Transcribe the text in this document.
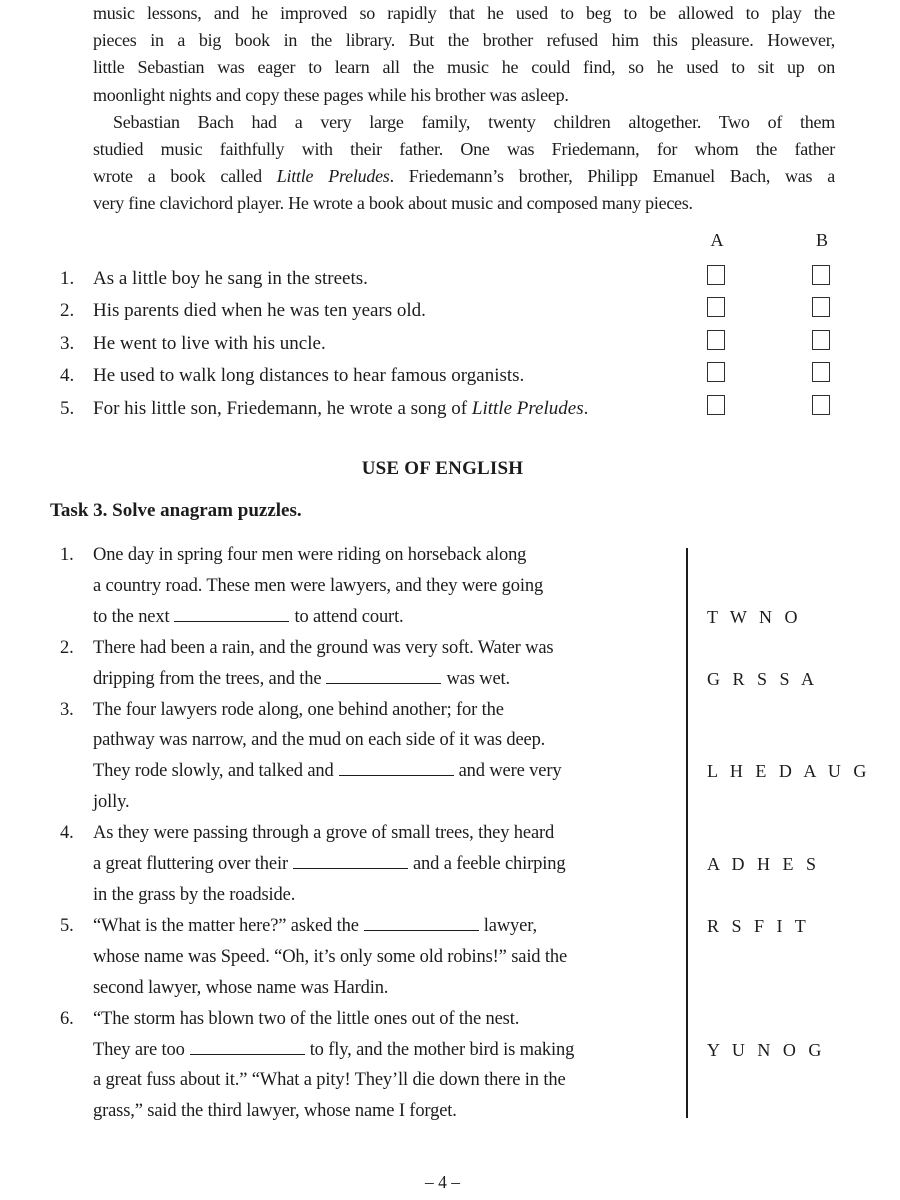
music lessons, and he improved so rapidly that he used to beg to be allowed to play the
pieces in a big book in the library. But the brother refused him this pleasure. However,
little Sebastian was eager to learn all the music he could find, so he used to sit up on
moonlight nights and copy these pages while his brother was asleep.
Sebastian Bach had a very large family, twenty children altogether. Two of them
studied music faithfully with their father. One was Friedemann, for whom the father
wrote a book called Little Preludes. Friedemann’s brother, Philipp Emanuel Bach, was a
very fine clavichord player. He wrote a book about music and composed many pieces.
A	B
1. As a little boy he sang in the streets.
2. His parents died when he was ten years old.
3. He went to live with his uncle.
4. He used to walk long distances to hear famous organists.
5. For his little son, Friedemann, he wrote a song of Little Preludes.
USE OF ENGLISH
Task 3. Solve anagram puzzles.
1.	One day in spring four men were riding on horseback along
a country road. These men were lawyers, and they were going
to the next	to attend court.	T W N O
2.	There had been a rain, and the ground was very soft. Water was
dripping from the trees, and the	was wet.	G R S S A
3.	The four lawyers rode along, one behind another; for the
pathway was narrow, and the mud on each side of it was deep.
They rode slowly, and talked and	and were very	L H E D A U G
jolly.
4.	As they were passing through a grove of small trees, they heard
a great fluttering over their	and a feeble chirping	A D H E S
in the grass by the roadside.
5.	“What is the matter here?” asked the	lawyer,	R S F I T
whose name was Speed. “Oh, it’s only some old robins!” said the
second lawyer, whose name was Hardin.
6.	“The storm has blown two of the little ones out of the nest.
They are too	to fly, and the mother bird is making	Y U N O G
a great fuss about it.” “What a pity! They’ll die down there in the
grass,” said the third lawyer, whose name I forget.
– 4 –
